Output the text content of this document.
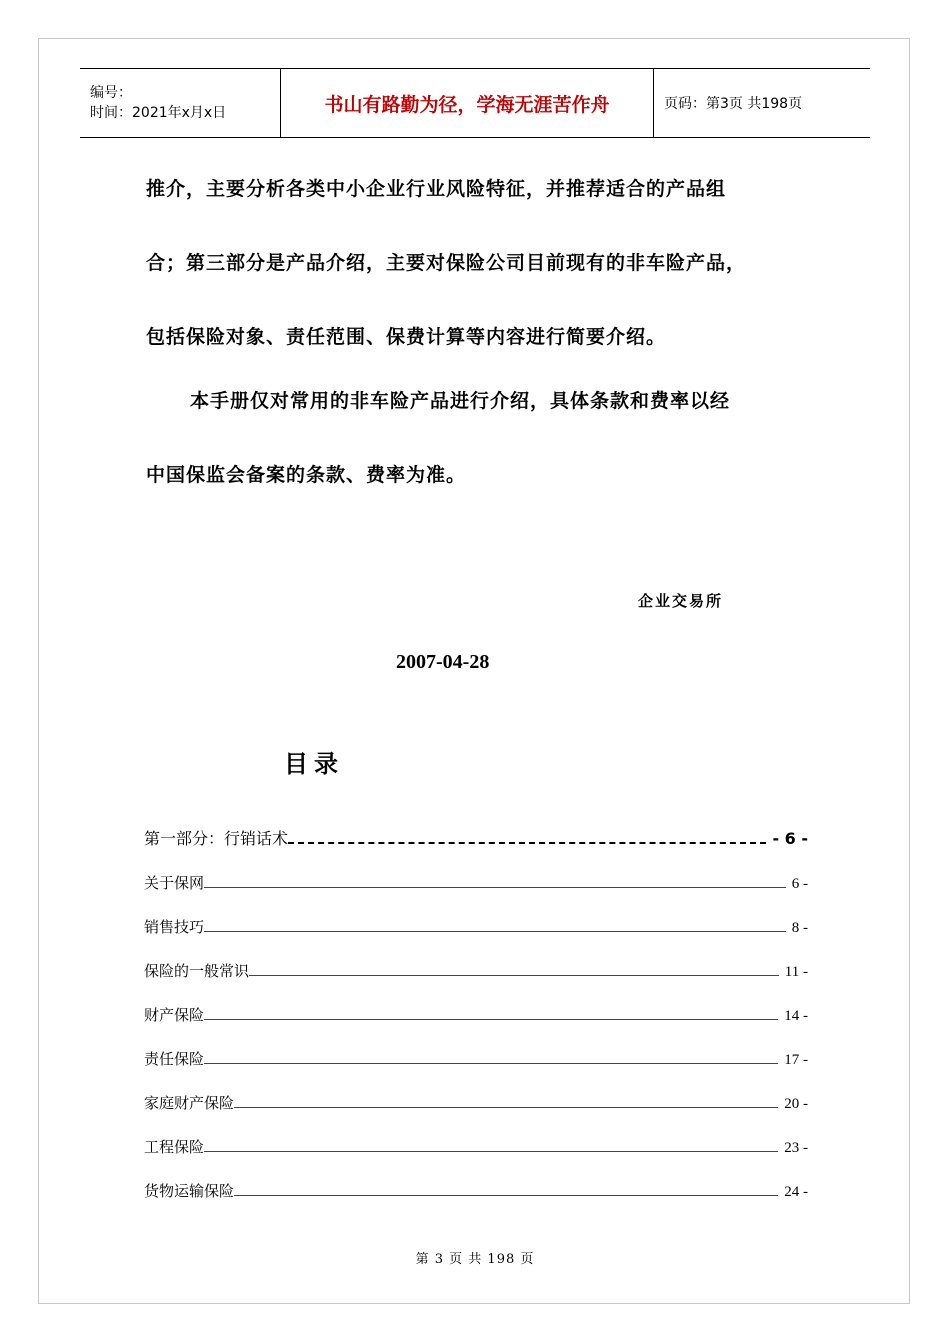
编号：
时间：2021年x月x日	书山有路勤为径，学海无涯苦作舟	页码：第3页 共198页
推介，主要分析各类中小企业行业风险特征，并推荐适合的产品组
合；第三部分是产品介绍，主要对保险公司目前现有的非车险产品，
包括保险对象、责任范围、保费计算等内容进行简要介绍。
本手册仅对常用的非车险产品进行介绍，具体条款和费率以经
中国保监会备案的条款、费率为准。
企业交易所
2007-04-28
目录
第一部分：行销话术	- 6 -
关于保网	6 -
销售技巧	8 -
保险的一般常识	11 -
财产保险	14 -
责任保险	17 -
家庭财产保险	20 -
工程保险	23 -
货物运输保险	24 -
第 3 页 共 198 页
